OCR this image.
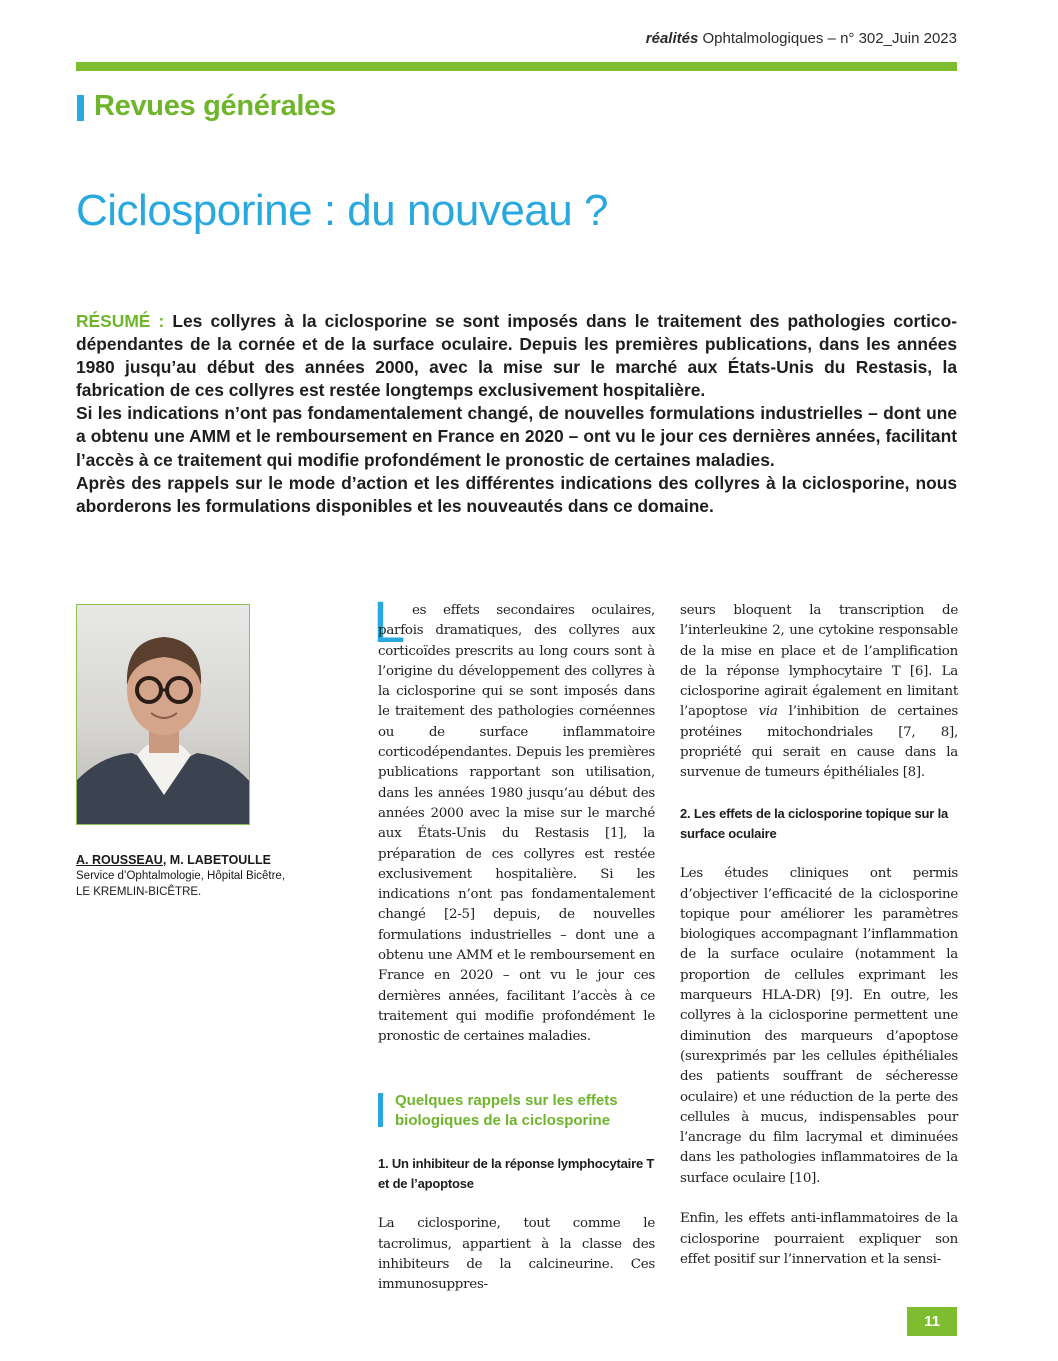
réalités Ophtalmologiques – n° 302_Juin 2023
Revues générales
Ciclosporine : du nouveau ?

RÉSUMÉ : Les collyres à la ciclosporine se sont imposés dans le traitement des pathologies cortico-dépendantes de la cornée et de la surface oculaire. Depuis les premières publications, dans les années 1980 jusqu’au début des années 2000, avec la mise sur le marché aux États-Unis du Restasis, la fabrication de ces collyres est restée longtemps exclusivement hospitalière.

Si les indications n’ont pas fondamentalement changé, de nouvelles formulations industrielles – dont une a obtenu une AMM et le remboursement en France en 2020 – ont vu le jour ces dernières années, facilitant l’accès à ce traitement qui modifie profondément le pronostic de certaines maladies.

Après des rappels sur le mode d’action et les différentes indications des collyres à la ciclosporine, nous aborderons les formulations disponibles et les nouveautés dans ce domaine.

A. ROUSSEAU, M. LABETOULLE
Service d’Ophtalmologie, Hôpital Bicêtre,
LE KREMLIN-BICÊTRE.
L es effets secondaires oculaires, parfois dramatiques, des collyres aux corticoïdes prescrits au long cours sont à l’origine du développement des collyres à la ciclosporine qui se sont imposés dans le traitement des pathologies cornéennes ou de surface inflammatoire corticodépendantes. Depuis les premières publications rapportant son utilisation, dans les années 1980 jusqu’au début des années 2000 avec la mise sur le marché aux États-Unis du Restasis [1], la préparation de ces collyres est restée exclusivement hospitalière. Si les indications n’ont pas fondamentalement changé [2-5] depuis, de nouvelles formulations industrielles – dont une a obtenu une AMM et le remboursement en France en 2020 – ont vu le jour ces dernières années, facilitant l’accès à ce traitement qui modifie profondément le pronostic de certaines maladies.

Quelques rappels sur les effets biologiques de la ciclosporine
1. Un inhibiteur de la réponse lymphocytaire T et de l’apoptose

La ciclosporine, tout comme le tacrolimus, appartient à la classe des inhibiteurs de la calcineurine. Ces immunosuppres-

seurs bloquent la transcription de l’interleukine 2, une cytokine responsable de la mise en place et de l’amplification de la réponse lymphocytaire T [6]. La ciclosporine agirait également en limitant l’apoptose via l’inhibition de certaines protéines mitochondriales [7, 8], propriété qui serait en cause dans la survenue de tumeurs épithéliales [8].

2. Les effets de la ciclosporine topique sur la surface oculaire

Les études cliniques ont permis d’objectiver l’efficacité de la ciclosporine topique pour améliorer les paramètres biologiques accompagnant l’inflammation de la surface oculaire (notamment la proportion de cellules exprimant les marqueurs HLA-DR) [9]. En outre, les collyres à la ciclosporine permettent une diminution des marqueurs d’apoptose (surexprimés par les cellules épithéliales des patients souffrant de sécheresse oculaire) et une réduction de la perte des cellules à mucus, indispensables pour l’ancrage du film lacrymal et diminuées dans les pathologies inflammatoires de la surface oculaire [10].

Enfin, les effets anti-inflammatoires de la ciclosporine pourraient expliquer son effet positif sur l’innervation et la sensi-

11
